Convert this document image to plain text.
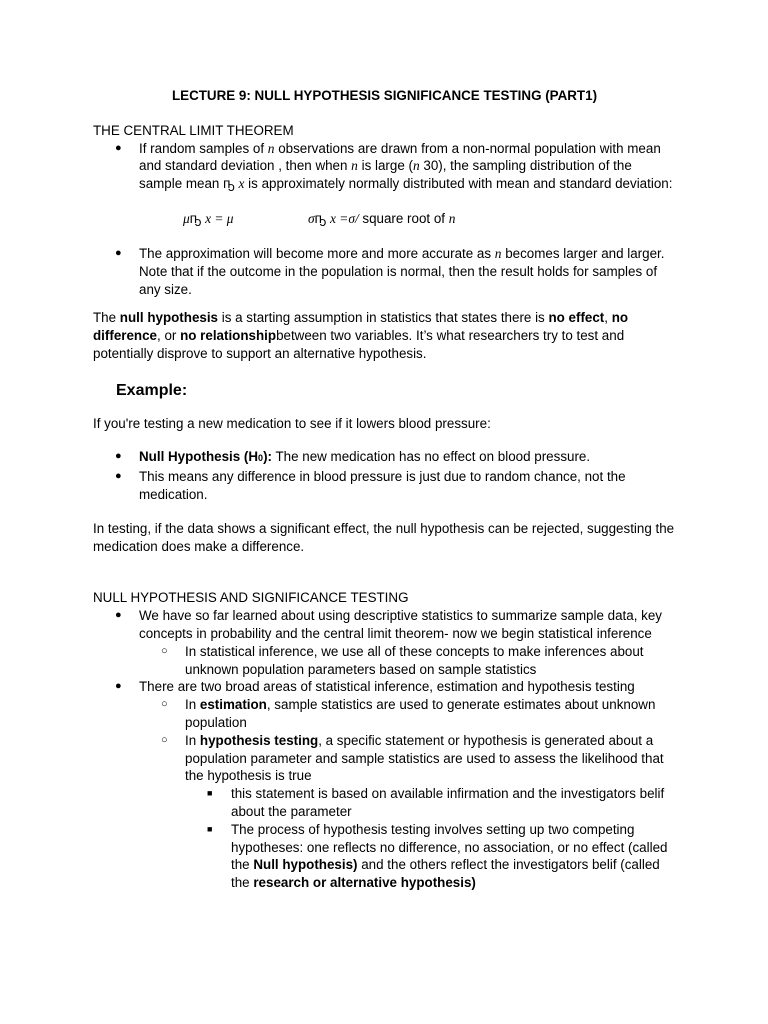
LECTURE 9: NULL HYPOTHESIS SIGNIFICANCE TESTING (PART1)
THE CENTRAL LIMIT THEOREM
● If random samples of n observations are drawn from a non-normal population with mean and standard deviation , then when n is large (n 30), the sampling distribution of the sample mean ҧ x is approximately normally distributed with mean and standard deviation:
μҧ x = μ	σҧ x =σ/ square root of n
● The approximation will become more and more accurate as n becomes larger and larger. Note that if the outcome in the population is normal, then the result holds for samples of any size.

The null hypothesis is a starting assumption in statistics that states there is no effect, no difference, or no relationshipbetween two variables. It’s what researchers try to test and potentially disprove to support an alternative hypothesis.

Example:

If you're testing a new medication to see if it lowers blood pressure:

● Null Hypothesis (H0): The new medication has no effect on blood pressure.
● This means any difference in blood pressure is just due to random chance, not the medication.

In testing, if the data shows a significant effect, the null hypothesis can be rejected, suggesting the medication does make a difference.

NULL HYPOTHESIS AND SIGNIFICANCE TESTING
● We have so far learned about using descriptive statistics to summarize sample data, key concepts in probability and the central limit theorem- now we begin statistical inference
○ In statistical inference, we use all of these concepts to make inferences about unknown population parameters based on sample statistics
● There are two broad areas of statistical inference, estimation and hypothesis testing
○ In estimation, sample statistics are used to generate estimates about unknown population
○ In hypothesis testing, a specific statement or hypothesis is generated about a population parameter and sample statistics are used to assess the likelihood that the hypothesis is true
■ this statement is based on available infirmation and the investigators belif about the parameter
■ The process of hypothesis testing involves setting up two competing hypotheses: one reflects no difference, no association, or no effect (called the Null hypothesis) and the others reflect the investigators belif (called the research or alternative hypothesis)
